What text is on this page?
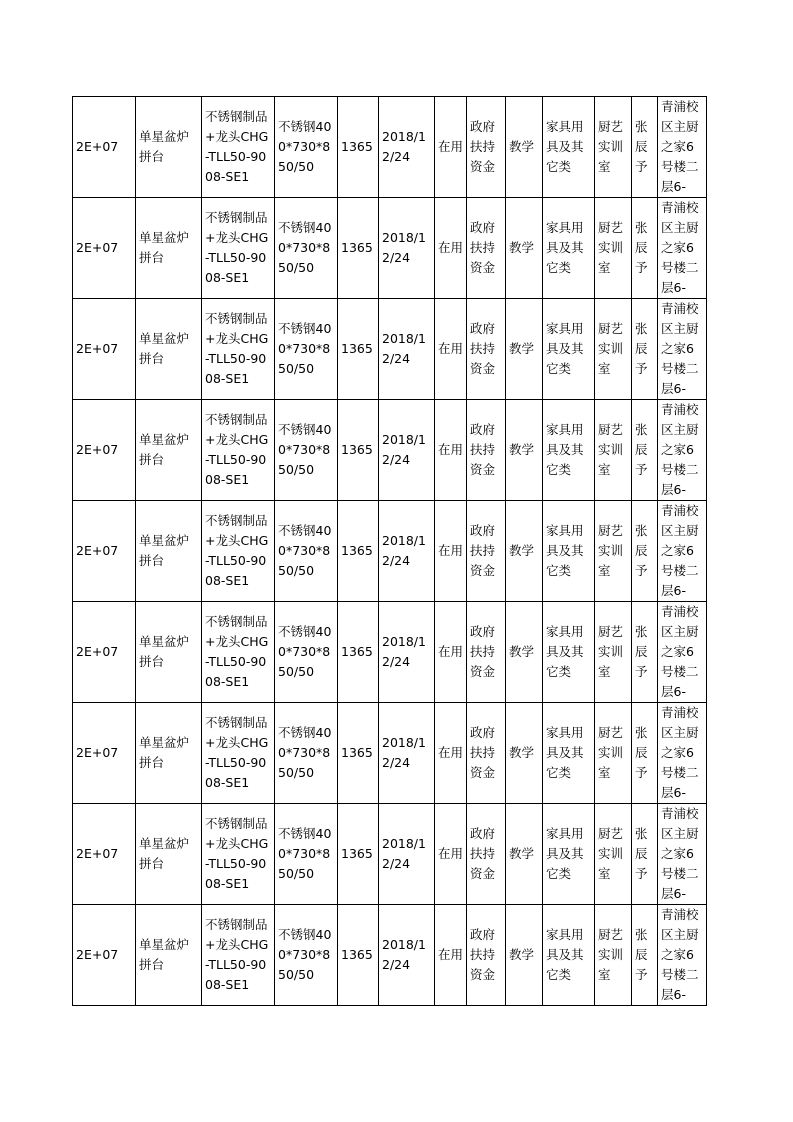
2E+07	单星盆炉拼台	不锈钢制品+龙头CHG-TLL50-9008-SE1	不锈钢400*730*850/50	1365	2018/12/24	在用	政府扶持资金	教学	家具用具及其它类	厨艺实训室	张辰予	青浦校区主厨之家6号楼二层6-
2E+07	单星盆炉拼台	不锈钢制品+龙头CHG-TLL50-9008-SE1	不锈钢400*730*850/50	1365	2018/12/24	在用	政府扶持资金	教学	家具用具及其它类	厨艺实训室	张辰予	青浦校区主厨之家6号楼二层6-
2E+07	单星盆炉拼台	不锈钢制品+龙头CHG-TLL50-9008-SE1	不锈钢400*730*850/50	1365	2018/12/24	在用	政府扶持资金	教学	家具用具及其它类	厨艺实训室	张辰予	青浦校区主厨之家6号楼二层6-
2E+07	单星盆炉拼台	不锈钢制品+龙头CHG-TLL50-9008-SE1	不锈钢400*730*850/50	1365	2018/12/24	在用	政府扶持资金	教学	家具用具及其它类	厨艺实训室	张辰予	青浦校区主厨之家6号楼二层6-
2E+07	单星盆炉拼台	不锈钢制品+龙头CHG-TLL50-9008-SE1	不锈钢400*730*850/50	1365	2018/12/24	在用	政府扶持资金	教学	家具用具及其它类	厨艺实训室	张辰予	青浦校区主厨之家6号楼二层6-
2E+07	单星盆炉拼台	不锈钢制品+龙头CHG-TLL50-9008-SE1	不锈钢400*730*850/50	1365	2018/12/24	在用	政府扶持资金	教学	家具用具及其它类	厨艺实训室	张辰予	青浦校区主厨之家6号楼二层6-
2E+07	单星盆炉拼台	不锈钢制品+龙头CHG-TLL50-9008-SE1	不锈钢400*730*850/50	1365	2018/12/24	在用	政府扶持资金	教学	家具用具及其它类	厨艺实训室	张辰予	青浦校区主厨之家6号楼二层6-
2E+07	单星盆炉拼台	不锈钢制品+龙头CHG-TLL50-9008-SE1	不锈钢400*730*850/50	1365	2018/12/24	在用	政府扶持资金	教学	家具用具及其它类	厨艺实训室	张辰予	青浦校区主厨之家6号楼二层6-
2E+07	单星盆炉拼台	不锈钢制品+龙头CHG-TLL50-9008-SE1	不锈钢400*730*850/50	1365	2018/12/24	在用	政府扶持资金	教学	家具用具及其它类	厨艺实训室	张辰予	青浦校区主厨之家6号楼二层6-
